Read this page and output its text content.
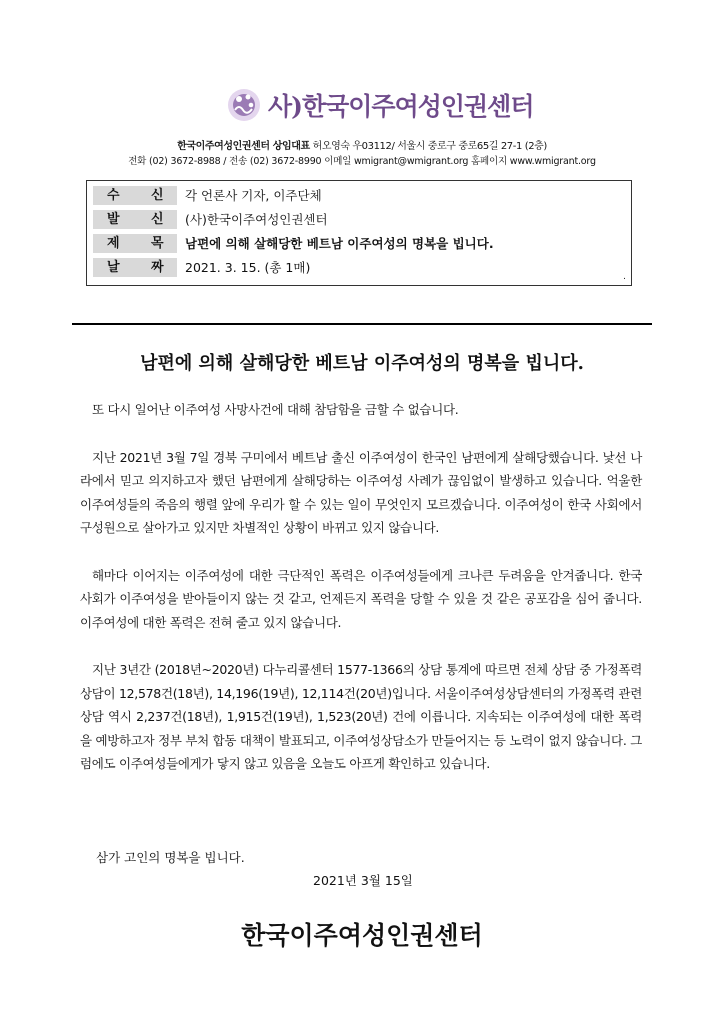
사)한국이주여성인권센터
한국이주여성인권센터 상임대표 허오영숙 우03112/ 서울시 중로구 중로65길 27-1 (2층)
전화 (02) 3672-8988 / 전송 (02) 3672-8990 이메일 wmigrant@wmigrant.org 홈페이지 www.wmigrant.org
수 신 각 언론사 기자, 이주단체
발 신 (사)한국이주여성인권센터
제 목 남편에 의해 살해당한 베트남 이주여성의 명복을 빕니다.
날 짜 2021. 3. 15. (총 1매)
.
남편에 의해 살해당한 베트남 이주여성의 명복을 빕니다.

또 다시 일어난 이주여성 사망사건에 대해 참담함을 금할 수 없습니다.

지난 2021년 3월 7일 경북 구미에서 베트남 출신 이주여성이 한국인 남편에게 살해당했습니다. 낯선 나라에서 믿고 의지하고자 했던 남편에게 살해당하는 이주여성 사례가 끊임없이 발생하고 있습니다. 억울한 이주여성들의 죽음의 행렬 앞에 우리가 할 수 있는 일이 무엇인지 모르겠습니다. 이주여성이 한국 사회에서 구성원으로 살아가고 있지만 차별적인 상황이 바뀌고 있지 않습니다.

해마다 이어지는 이주여성에 대한 극단적인 폭력은 이주여성들에게 크나큰 두려움을 안겨줍니다. 한국 사회가 이주여성을 받아들이지 않는 것 같고, 언제든지 폭력을 당할 수 있을 것 같은 공포감을 심어 줍니다. 이주여성에 대한 폭력은 전혀 줄고 있지 않습니다.

지난 3년간 (2018년~2020년) 다누리콜센터 1577-1366의 상담 통계에 따르면 전체 상담 중 가정폭력 상담이 12,578건(18년), 14,196(19년), 12,114건(20년)입니다. 서울이주여성상담센터의 가정폭력 관련 상담 역시 2,237건(18년), 1,915건(19년), 1,523(20년) 건에 이릅니다. 지속되는 이주여성에 대한 폭력을 예방하고자 정부 부처 합동 대책이 발표되고, 이주여성상담소가 만들어지는 등 노력이 없지 않습니다. 그럼에도 이주여성들에게가 닿지 않고 있음을 오늘도 아프게 확인하고 있습니다.

삼가 고인의 명복을 빕니다.
2021년 3월 15일
한국이주여성인권센터
